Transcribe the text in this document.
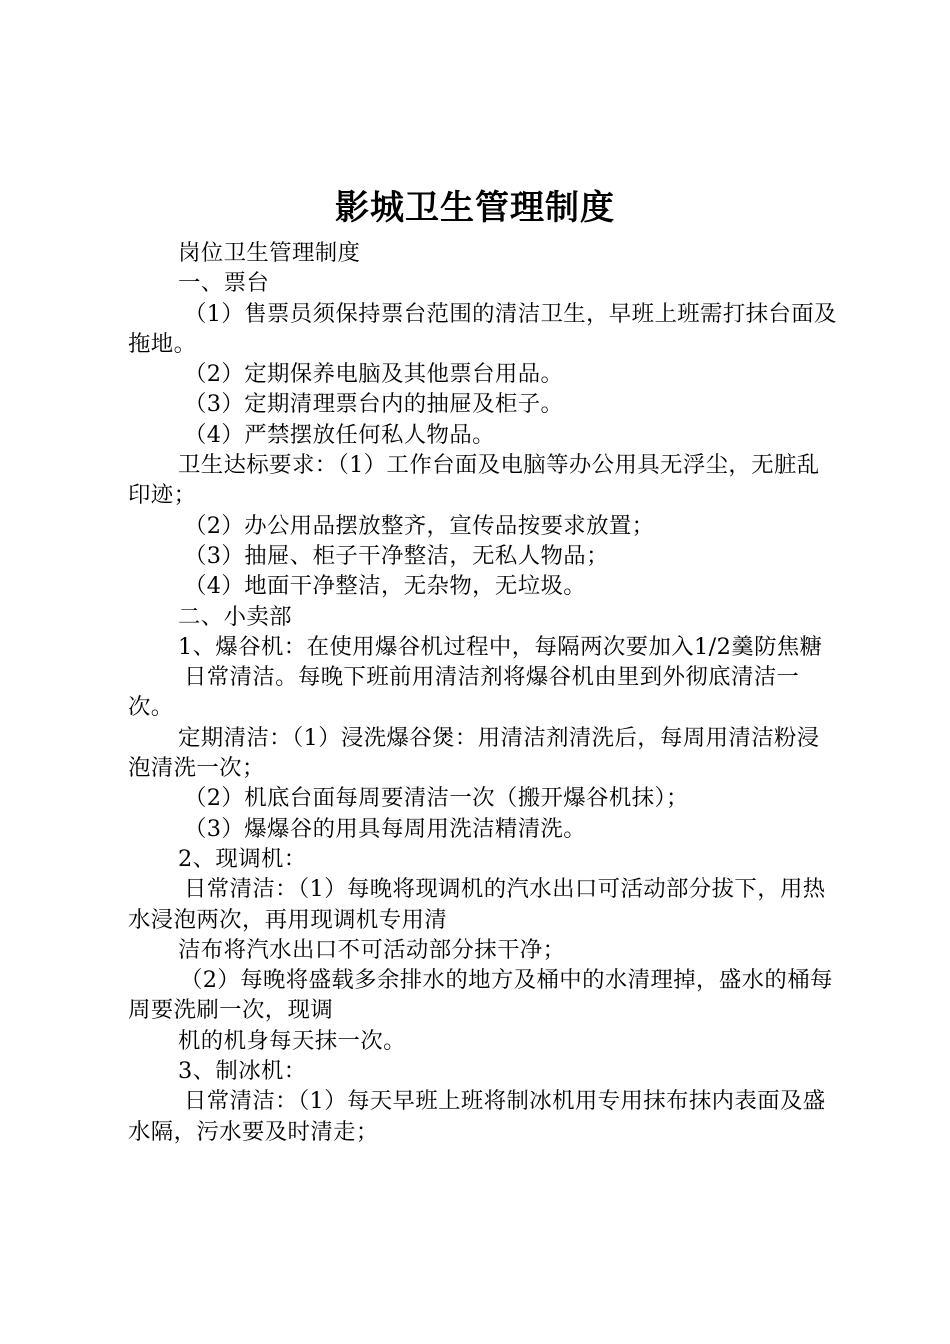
影城卫生管理制度

岗位卫生管理制度

一、票台

（1）售票员须保持票台范围的清洁卫生，早班上班需打抹台面及拖地。

（2）定期保养电脑及其他票台用品。

（3）定期清理票台内的抽屉及柜子。

（4）严禁摆放任何私人物品。

卫生达标要求：（1）工作台面及电脑等办公用具无浮尘，无脏乱印迹；

（2）办公用品摆放整齐，宣传品按要求放置；

（3）抽屉、柜子干净整洁，无私人物品；

（4）地面干净整洁，无杂物，无垃圾。

二、小卖部

1、爆谷机：在使用爆谷机过程中，每隔两次要加入1/2羹防焦糖

日常清洁。每晚下班前用清洁剂将爆谷机由里到外彻底清洁一次。

定期清洁：（1）浸洗爆谷煲：用清洁剂清洗后，每周用清洁粉浸泡清洗一次；

（2）机底台面每周要清洁一次（搬开爆谷机抹）；

（3）爆爆谷的用具每周用洗洁精清洗。

2、现调机：

日常清洁：（1）每晚将现调机的汽水出口可活动部分拔下，用热水浸泡两次，再用现调机专用清

洁布将汽水出口不可活动部分抹干净；

（2）每晚将盛载多余排水的地方及桶中的水清理掉，盛水的桶每周要洗刷一次，现调

机的机身每天抹一次。

3、制冰机：

日常清洁：（1）每天早班上班将制冰机用专用抹布抹内表面及盛水隔，污水要及时清走；
